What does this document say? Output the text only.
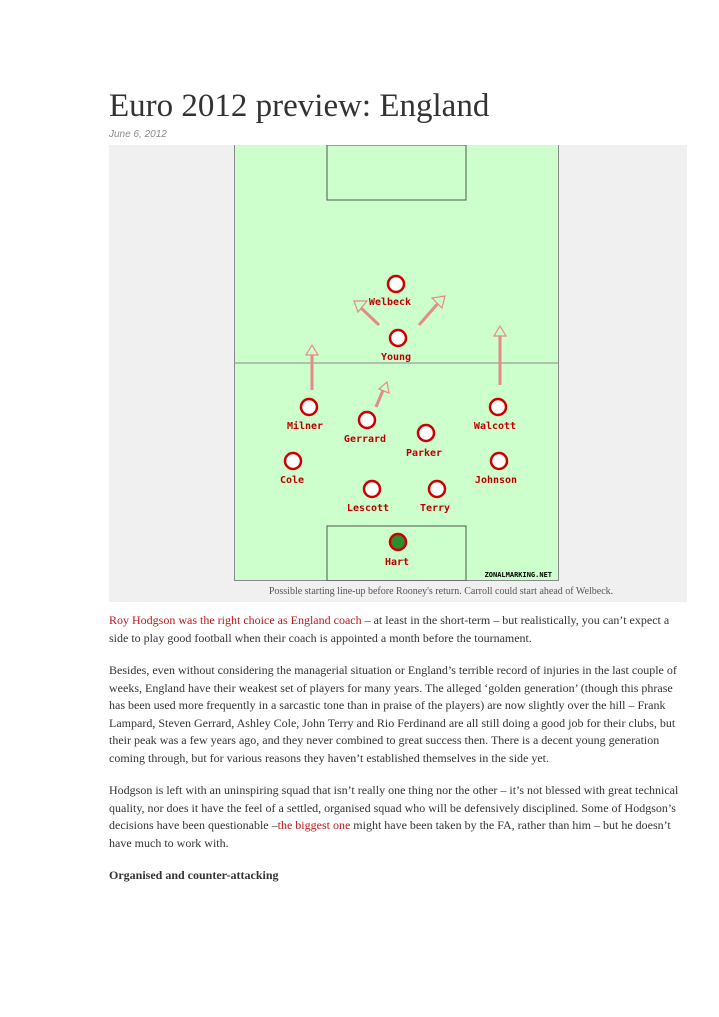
Euro 2012 preview: England
June 6, 2012
Welbeck
Young
Milner
Gerrard
Parker
Walcott
Cole	Johnson
Lescott	Terry
Hart
ZONALMARKING.NET
Possible starting line-up before Rooney's return. Carroll could start ahead of Welbeck.

Roy Hodgson was the right choice as England coach – at least in the short-term – but realistically, you can’t expect a side to play good football when their coach is appointed a month before the tournament.

Besides, even without considering the managerial situation or England’s terrible record of injuries in the last couple of weeks, England have their weakest set of players for many years. The alleged ‘golden generation’ (though this phrase has been used more frequently in a sarcastic tone than in praise of the players) are now slightly over the hill – Frank Lampard, Steven Gerrard, Ashley Cole, John Terry and Rio Ferdinand are all still doing a good job for their clubs, but their peak was a few years ago, and they never combined to great success then. There is a decent young generation coming through, but for various reasons they haven’t established themselves in the side yet.

Hodgson is left with an uninspiring squad that isn’t really one thing nor the other – it’s not blessed with great technical quality, nor does it have the feel of a settled, organised squad who will be defensively disciplined. Some of Hodgson’s decisions have been questionable –the biggest one might have been taken by the FA, rather than him – but he doesn’t have much to work with.

Organised and counter-attacking
